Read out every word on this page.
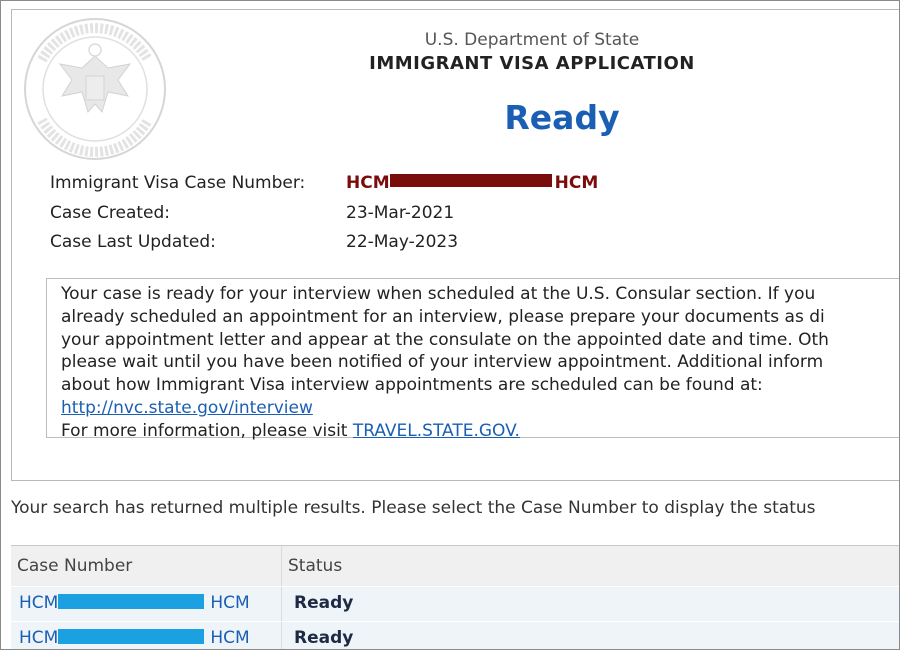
U.S. Department of State
IMMIGRANT VISA APPLICATION
Ready
Immigrant Visa Case Number: HCM	HCM
Case Created:	23-Mar-2021
Case Last Updated:	22-May-2023
Your case is ready for your interview when scheduled at the U.S. Consular section. If you
already scheduled an appointment for an interview, please prepare your documents as di
your appointment letter and appear at the consulate on the appointed date and time. Oth
please wait until you have been notified of your interview appointment. Additional inform
about how Immigrant Visa interview appointments are scheduled can be found at:
http://nvc.state.gov/interview
For more information, please visit TRAVEL.STATE.GOV.
Your search has returned multiple results. Please select the Case Number to display the status
Case Number	Status
HCM	HCM	Ready
HCM	HCM	Ready
